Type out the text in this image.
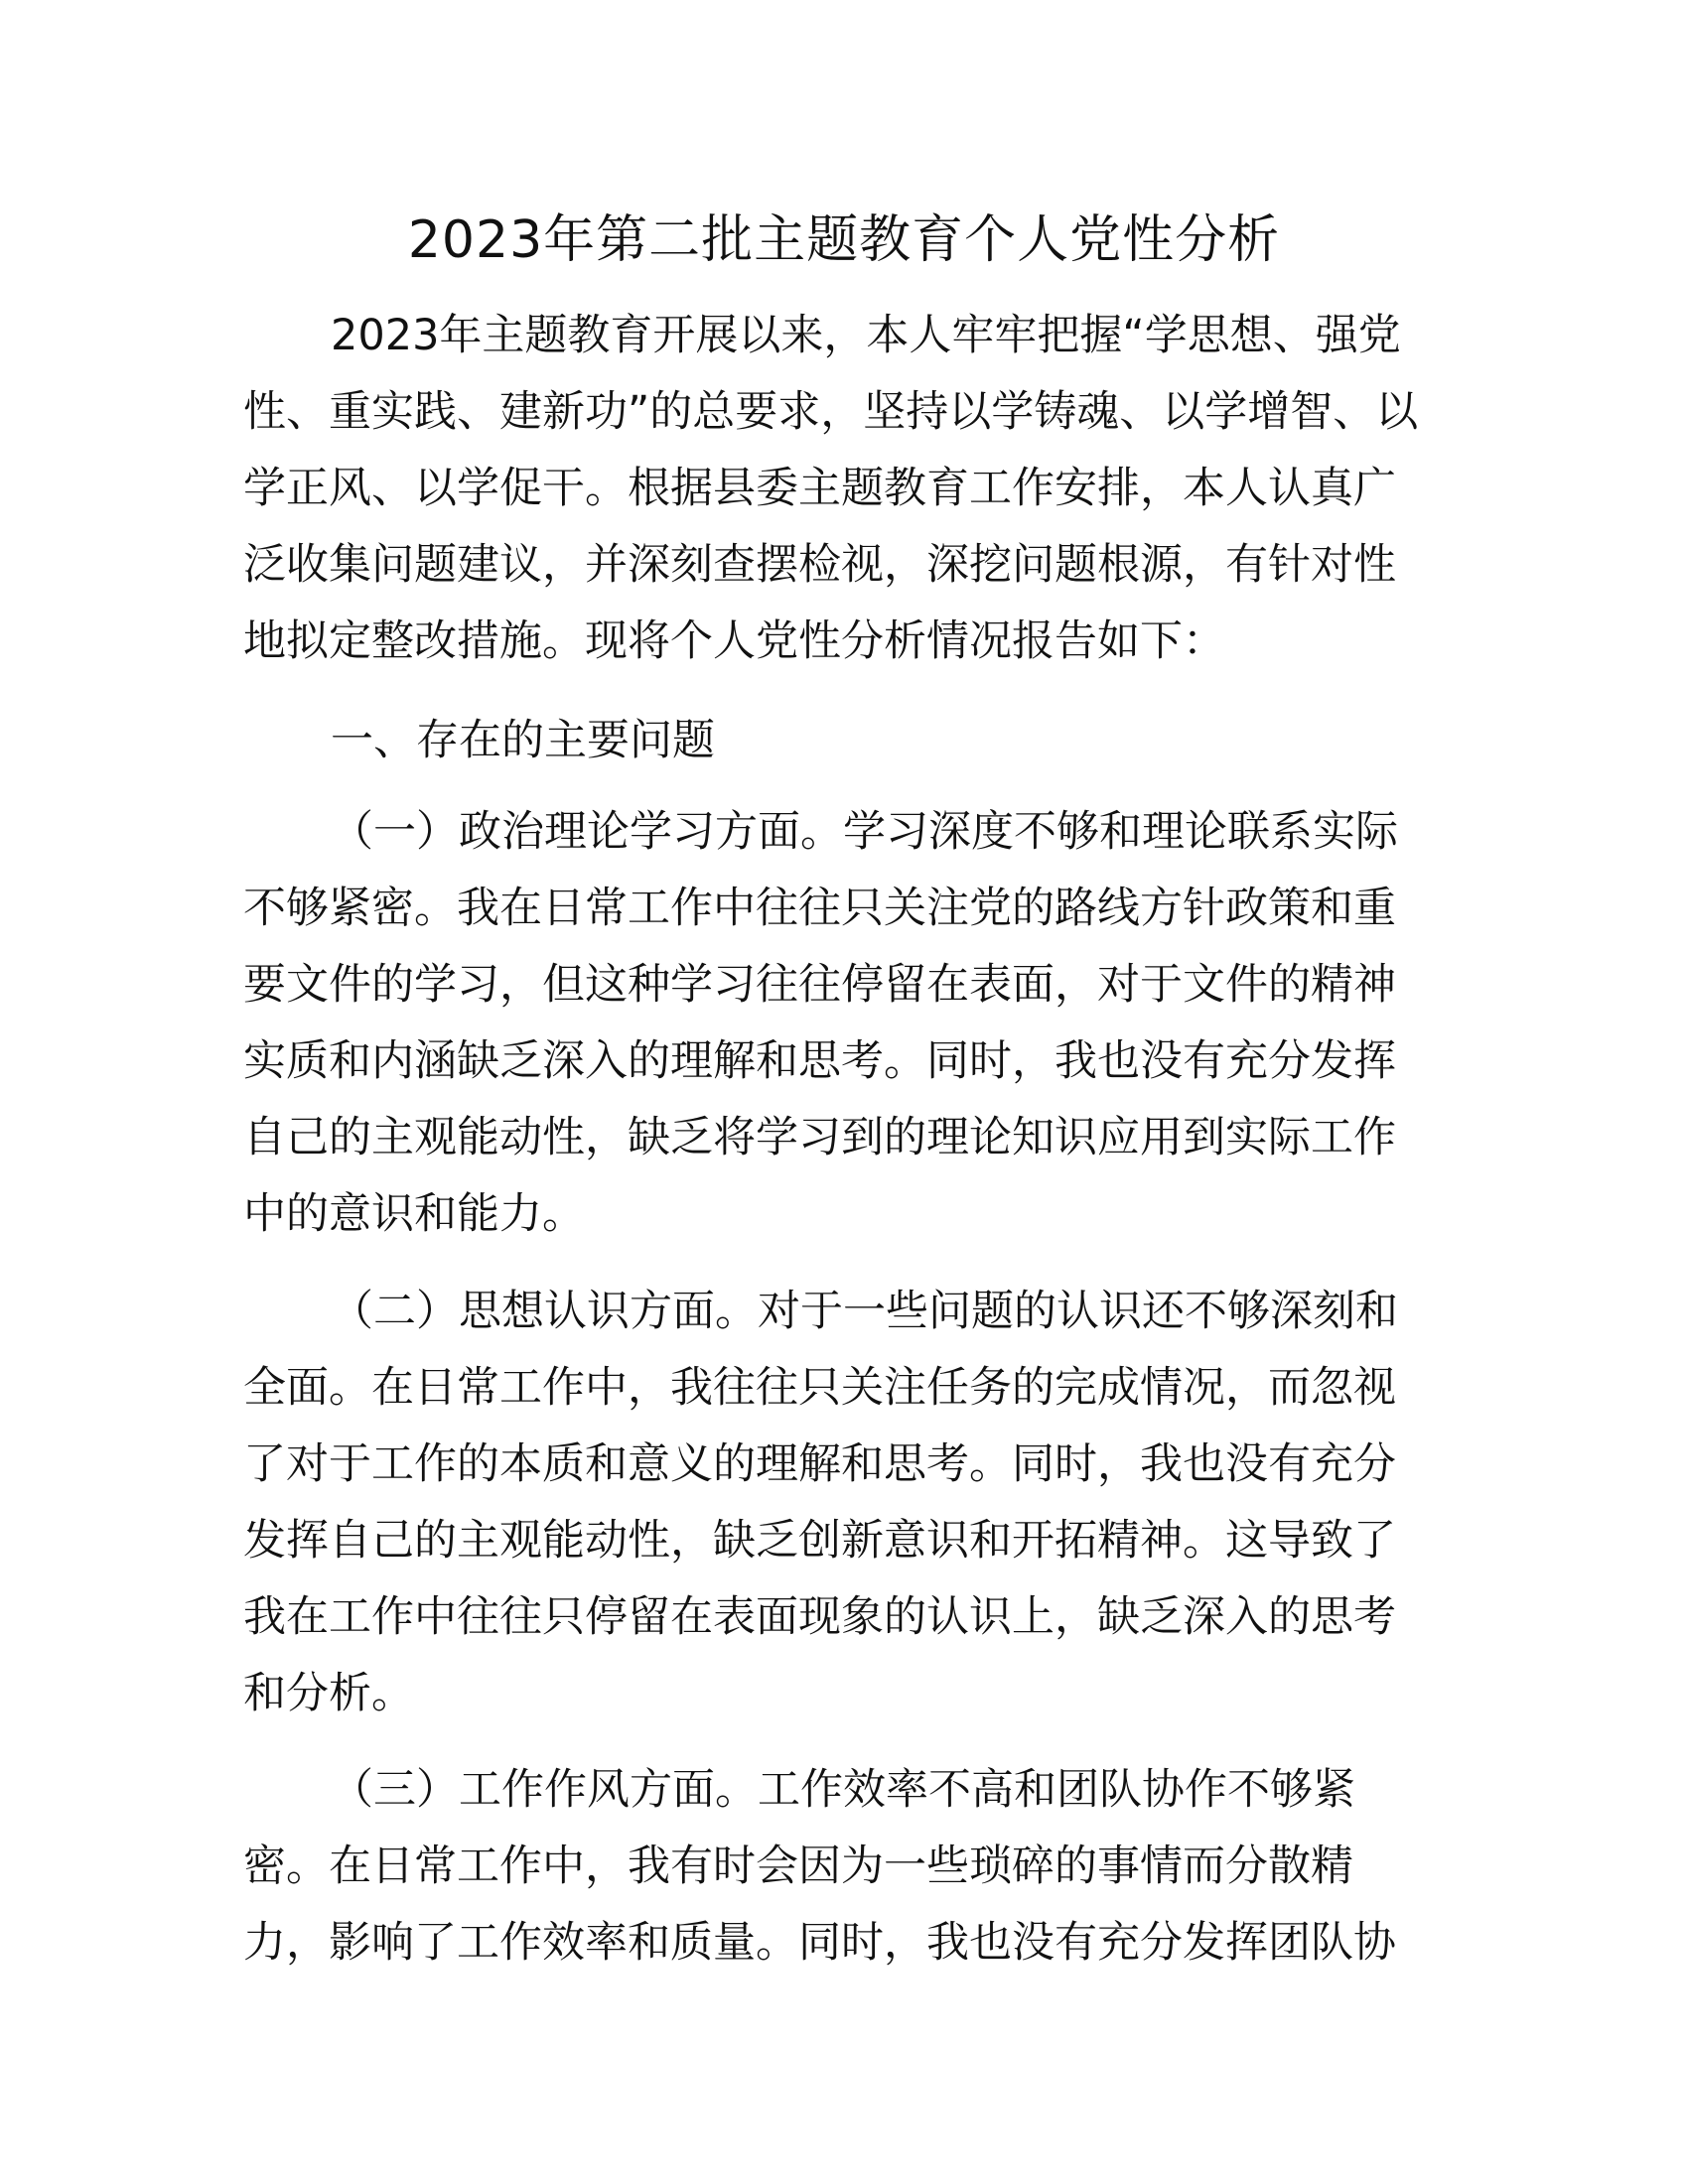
2023年第二批主题教育个人党性分析

2023年主题教育开展以来，本人牢牢把握“学思想、强党性、重实践、建新功”的总要求，坚持以学铸魂、以学增智、以学正风、以学促干。根据县委主题教育工作安排，本人认真广泛收集问题建议，并深刻查摆检视，深挖问题根源，有针对性地拟定整改措施。现将个人党性分析情况报告如下：

一、存在的主要问题

（一）政治理论学习方面。学习深度不够和理论联系实际不够紧密。我在日常工作中往往只关注党的路线方针政策和重要文件的学习，但这种学习往往停留在表面，对于文件的精神实质和内涵缺乏深入的理解和思考。同时，我也没有充分发挥自己的主观能动性，缺乏将学习到的理论知识应用到实际工作中的意识和能力。

（二）思想认识方面。对于一些问题的认识还不够深刻和全面。在日常工作中，我往往只关注任务的完成情况，而忽视了对于工作的本质和意义的理解和思考。同时，我也没有充分发挥自己的主观能动性，缺乏创新意识和开拓精神。这导致了我在工作中往往只停留在表面现象的认识上，缺乏深入的思考和分析。

（三）工作作风方面。工作效率不高和团队协作不够紧密。在日常工作中，我有时会因为一些琐碎的事情而分散精力，影响了工作效率和质量。同时，我也没有充分发挥团队协
